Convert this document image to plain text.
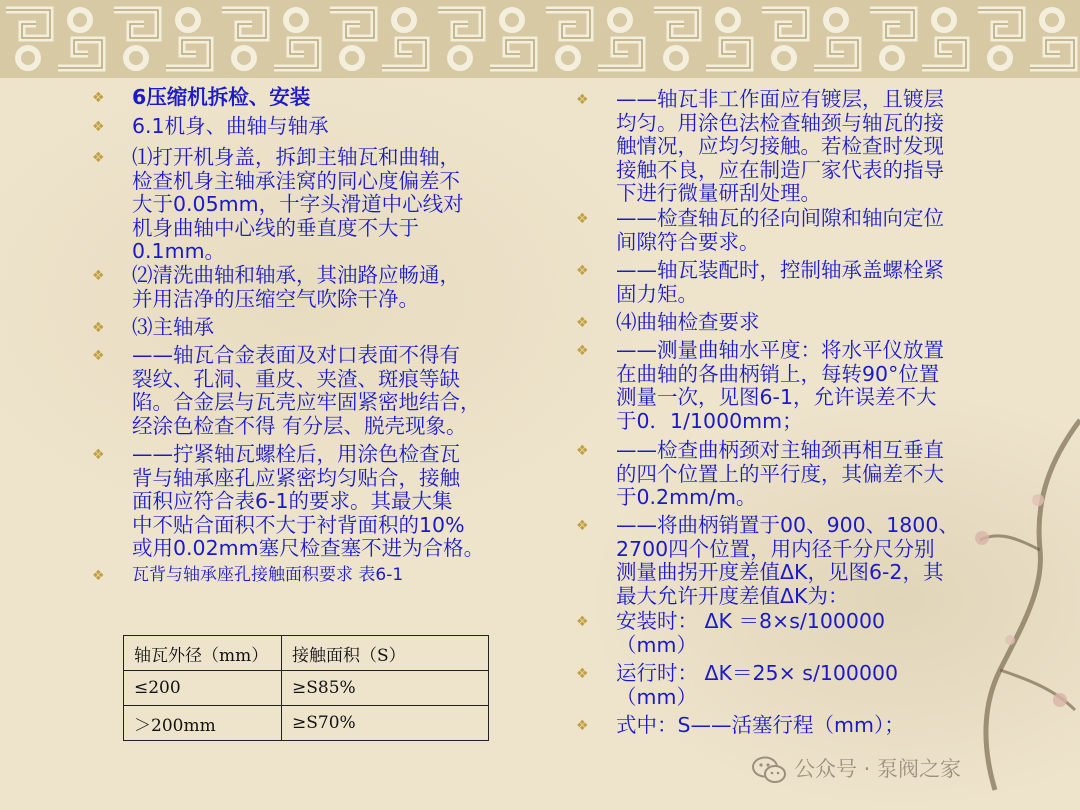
❖ 6压缩机拆检、安装
❖ 6.1机身、曲轴与轴承
❖ ⑴打开机身盖，拆卸主轴瓦和曲轴，
检查机身主轴承洼窝的同心度偏差不
大于0.05mm，十字头滑道中心线对
机身曲轴中心线的垂直度不大于
0.1mm。
❖ ⑵清洗曲轴和轴承，其油路应畅通，
并用洁净的压缩空气吹除干净。
❖ ⑶主轴承
❖ ——轴瓦合金表面及对口表面不得有
裂纹、孔洞、重皮、夹渣、斑痕等缺
陷。合金层与瓦壳应牢固紧密地结合，
经涂色检查不得 有分层、脱壳现象。
❖ ——拧紧轴瓦螺栓后，用涂色检查瓦
背与轴承座孔应紧密均匀贴合，接触
面积应符合表6-1的要求。其最大集
中不贴合面积不大于衬背面积的10%
或用0.02mm塞尺检查塞不进为合格。
❖ 瓦背与轴承座孔接触面积要求 表6-1
轴瓦外径（mm）	接触面积（S）
≤200	≥S85%
＞200mm	≥S70%
❖ ——轴瓦非工作面应有镀层，且镀层
均匀。用涂色法检查轴颈与轴瓦的接
触情况，应均匀接触。若检查时发现
接触不良，应在制造厂家代表的指导
下进行微量研刮处理。
❖ ——检查轴瓦的径向间隙和轴向定位
间隙符合要求。
❖ ——轴瓦装配时，控制轴承盖螺栓紧
固力矩。
❖ ⑷曲轴检查要求
❖ ——测量曲轴水平度：将水平仪放置
在曲轴的各曲柄销上，每转90°位置
测量一次，见图6-1，允许误差不大
于0．1/1000mm；
❖ ——检查曲柄颈对主轴颈再相互垂直
的四个位置上的平行度，其偏差不大
于0.2mm/m。
❖ ——将曲柄销置于00、900、1800、
2700四个位置，用内径千分尺分别
测量曲拐开度差值ΔK，见图6-2，其
最大允许开度差值ΔK为：
❖ 安装时： ΔK ＝8×s/100000
（mm）
❖ 运行时： ΔK＝25× s/100000
（mm）
❖ 式中：S——活塞行程（mm）；
公众号 · 泵阀之家
